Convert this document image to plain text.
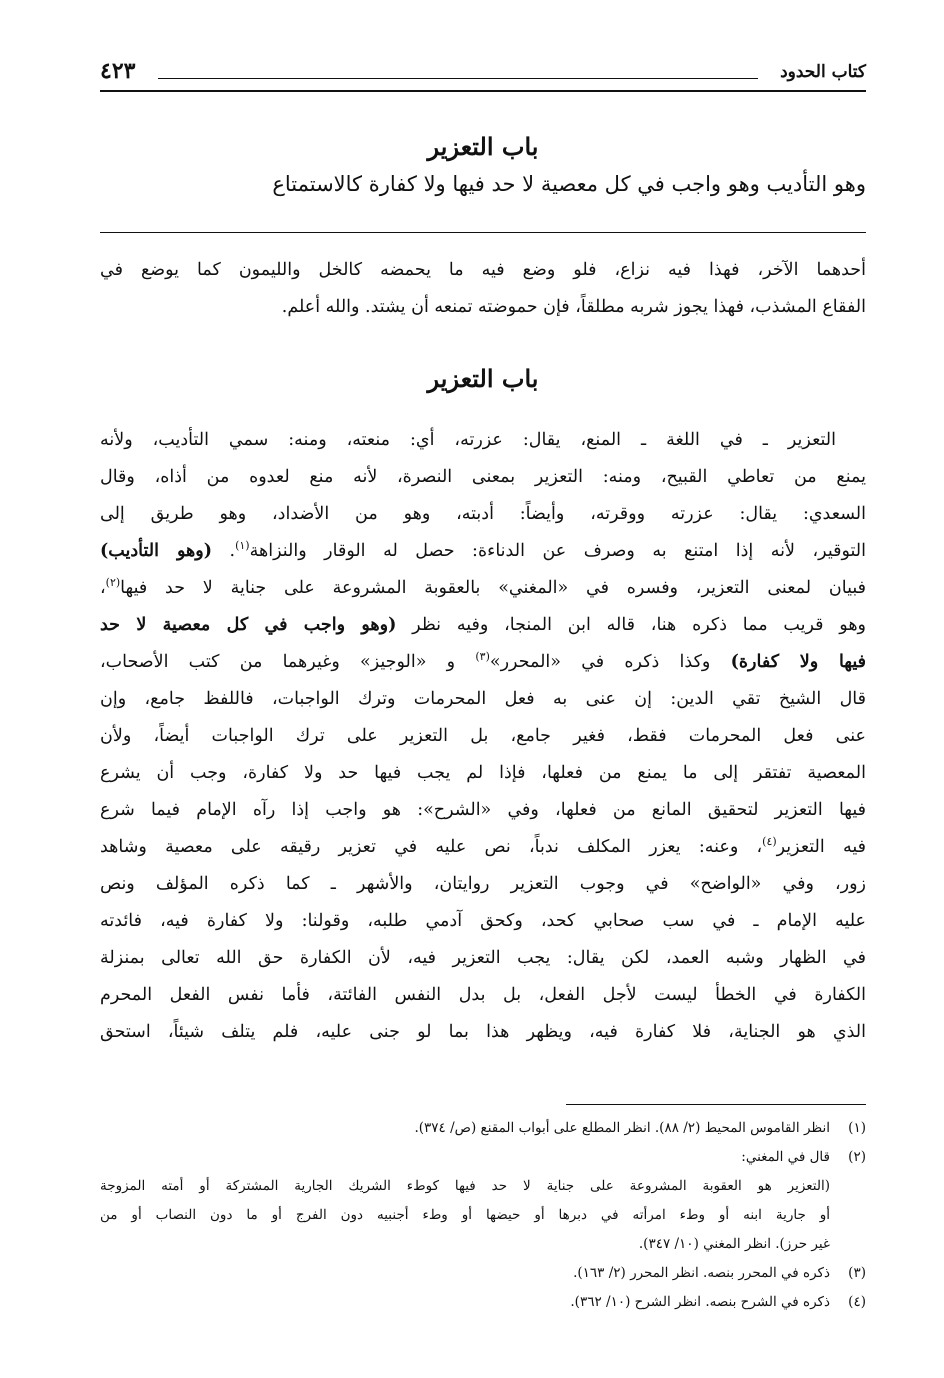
كتاب الحدود
٤٢٣
باب التعزير
وهو التأديب وهو واجب في كل معصية لا حد فيها ولا كفارة كالاستمتاع
أحدهما الآخر، فهذا فيه نزاع، فلو وضع فيه ما يحمضه كالخل والليمون كما يوضع في
الفقاع المشذب، فهذا يجوز شربه مطلقاً، فإن حموضته تمنعه أن يشتد. والله أعلم.
باب التعزير
التعزير ـ في اللغة ـ المنع، يقال: عزرته، أي: منعته، ومنه: سمي التأديب، ولأنه
يمنع من تعاطي القبيح، ومنه: التعزير بمعنى النصرة، لأنه منع لعدوه من أذاه، وقال
السعدي: يقال: عزرته ووقرته، وأيضاً: أدبته، وهو من الأضداد، وهو طريق إلى
التوقير، لأنه إذا امتنع به وصرف عن الدناءة: حصل له الوقار والنزاهة$^{(١)}$. (وهو التأديب)
فبيان لمعنى التعزير، وفسره في «المغني» بالعقوبة المشروعة على جناية لا حد فيها$^{(٢)}$،
وهو قريب مما ذكره هنا، قاله ابن المنجا، وفيه نظر (وهو واجب في كل معصية لا حد
فيها ولا كفارة) وكذا ذكره في «المحرر»$^{(٣)}$ و «الوجيز» وغيرهما من كتب الأصحاب،
قال الشيخ تقي الدين: إن عنى به فعل المحرمات وترك الواجبات، فاللفظ جامع، وإن
عنى فعل المحرمات فقط، فغير جامع، بل التعزير على ترك الواجبات أيضاً، ولأن
المعصية تفتقر إلى ما يمنع من فعلها، فإذا لم يجب فيها حد ولا كفارة، وجب أن يشرع
فيها التعزير لتحقيق المانع من فعلها، وفي «الشرح»: هو واجب إذا رآه الإمام فيما شرع
فيه التعزير$^{(٤)}$، وعنه: يعزر المكلف ندباً، نص عليه في تعزير رقيقه على معصية وشاهد
زور، وفي «الواضح» في وجوب التعزير روايتان، والأشهر ـ كما ذكره المؤلف ونص
عليه الإمام ـ في سب صحابي كحد، وكحق آدمي طلبه، وقولنا: ولا كفارة فيه، فائدته
في الظهار وشبه العمد، لكن يقال: يجب التعزير فيه، لأن الكفارة حق الله تعالى بمنزلة
الكفارة في الخطأ ليست لأجل الفعل، بل بدل النفس الفائتة، فأما نفس الفعل المحرم
الذي هو الجناية، فلا كفارة فيه، ويظهر هذا بما لو جنى عليه، فلم يتلف شيئاً، استحق
(١)انظر القاموس المحيط (٢/ ٨٨). انظر المطلع على أبواب المقنع (ص/ ٣٧٤).
(٢)قال في المغني:
(التعزير هو العقوبة المشروعة على جناية لا حد فيها كوطء الشريك الجارية المشتركة أو أمته المزوجة
أو جارية ابنه أو وطء امرأته في دبرها أو حيضها أو وطء أجنبيه دون الفرج أو ما دون النصاب أو من
غير حرز). انظر المغني (١٠/ ٣٤٧).
(٣)ذكره في المحرر بنصه. انظر المحرر (٢/ ١٦٣).
(٤)ذكره في الشرح بنصه. انظر الشرح (١٠/ ٣٦٢).
